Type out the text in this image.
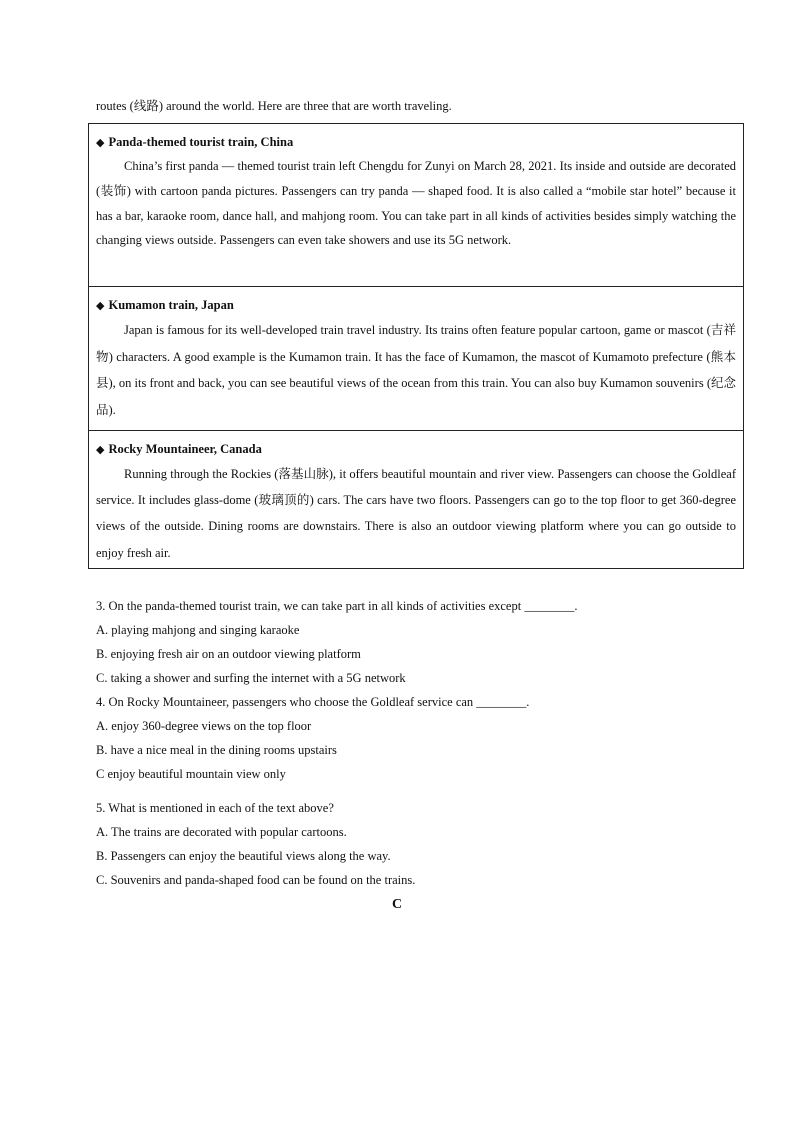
routes (线路) around the world. Here are three that are worth traveling.
◆ Panda-themed tourist train, China
China’s first panda — themed tourist train left Chengdu for Zunyi on March 28, 2021. Its inside and outside are decorated (装饰) with cartoon panda pictures. Passengers can try panda — shaped food. It is also called a “mobile star hotel” because it has a bar, karaoke room, dance hall, and mahjong room. You can take part in all kinds of activities besides simply watching the changing views outside. Passengers can even take showers and use its 5G network.
◆ Kumamon train, Japan
Japan is famous for its well-developed train travel industry. Its trains often feature popular cartoon, game or mascot (吉祥物) characters. A good example is the Kumamon train. It has the face of Kumamon, the mascot of Kumamoto prefecture (熊本县), on its front and back, you can see beautiful views of the ocean from this train. You can also buy Kumamon souvenirs (纪念品).
◆ Rocky Mountaineer, Canada
Running through the Rockies (落基山脉), it offers beautiful mountain and river view. Passengers can choose the Goldleaf service. It includes glass-dome (玻璃顶的) cars. The cars have two floors. Passengers can go to the top floor to get 360-degree views of the outside. Dining rooms are downstairs. There is also an outdoor viewing platform where you can go outside to enjoy fresh air.
3. On the panda-themed tourist train, we can take part in all kinds of activities except ________.
A. playing mahjong and singing karaoke
B. enjoying fresh air on an outdoor viewing platform
C. taking a shower and surfing the internet with a 5G network
4. On Rocky Mountaineer, passengers who choose the Goldleaf service can ________.
A. enjoy 360-degree views on the top floor
B. have a nice meal in the dining rooms upstairs
C enjoy beautiful mountain view only
5. What is mentioned in each of the text above?
A. The trains are decorated with popular cartoons.
B. Passengers can enjoy the beautiful views along the way.
C. Souvenirs and panda-shaped food can be found on the trains.
C
